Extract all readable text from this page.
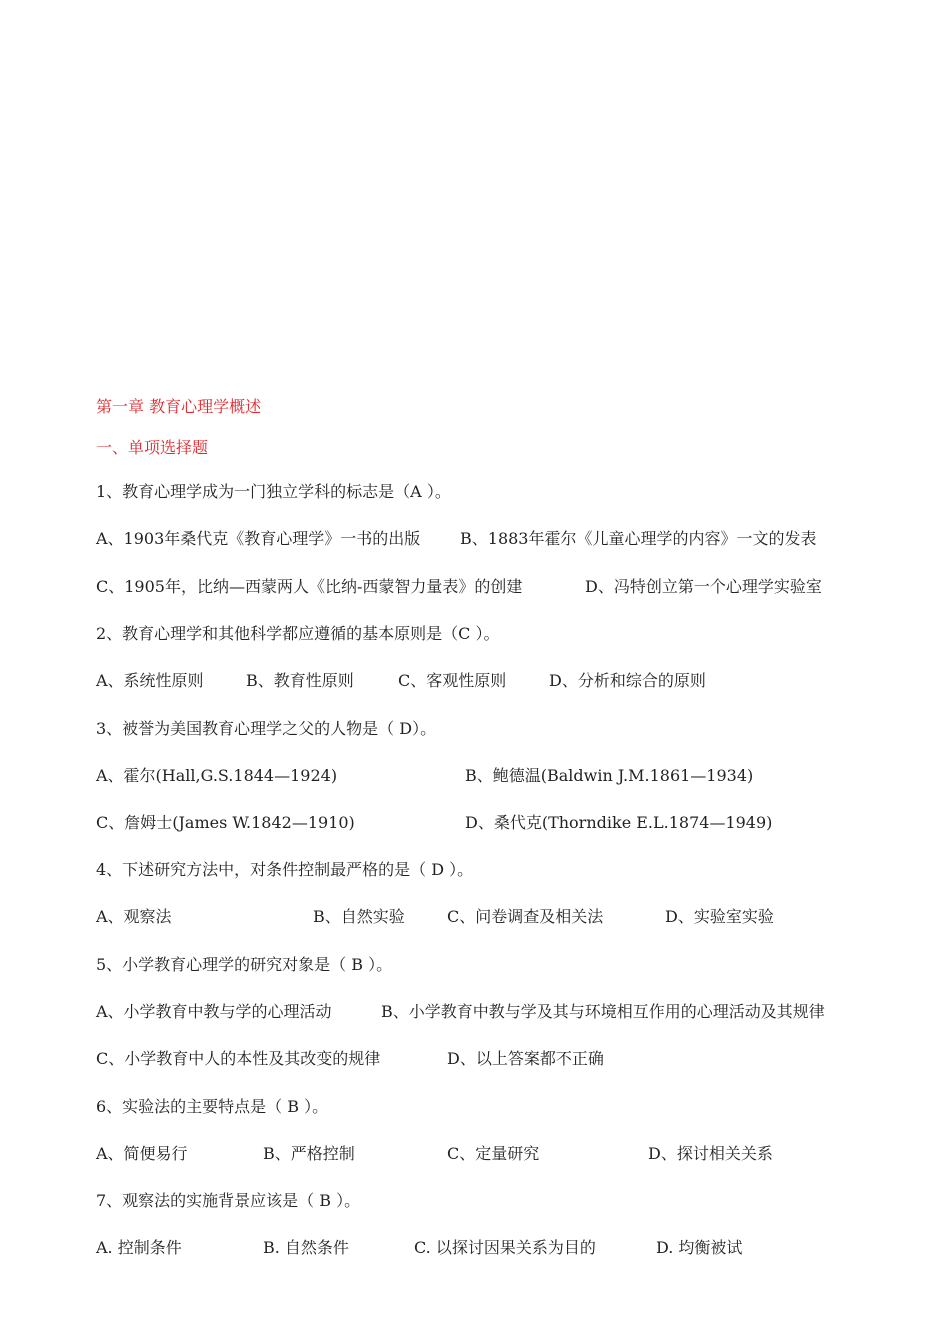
第一章 教育心理学概述
一、单项选择题
1、教育心理学成为一门独立学科的标志是（A ）。
A、1903年桑代克《教育心理学》一书的出版 B、1883年霍尔《儿童心理学的内容》一文的发表
C、1905年，比纳—西蒙两人《比纳-西蒙智力量表》的创建	D、冯特创立第一个心理学实验室
2、教育心理学和其他科学都应遵循的基本原则是（C ）。
A、系统性原则	B、教育性原则	C、客观性原则	D、分析和综合的原则
3、被誉为美国教育心理学之父的人物是（ D）。
A、霍尔(Hall,G.S.1844—1924)	B、鲍德温(Baldwin J.M.1861—1934)
C、詹姆士(James W.1842—1910)	D、桑代克(Thorndike E.L.1874—1949)
4、下述研究方法中，对条件控制最严格的是（ D ）。
A、观察法	B、自然实验	C、问卷调查及相关法	D、实验室实验
5、小学教育心理学的研究对象是（ B ）。
A、小学教育中教与学的心理活动	B、小学教育中教与学及其与环境相互作用的心理活动及其规律
C、小学教育中人的本性及其改变的规律	D、以上答案都不正确
6、实验法的主要特点是（ B ）。
A、简便易行	B、严格控制	C、定量研究	D、探讨相关关系
7、观察法的实施背景应该是（ B ）。
A. 控制条件	B. 自然条件	C. 以探讨因果关系为目的	D. 均衡被试
